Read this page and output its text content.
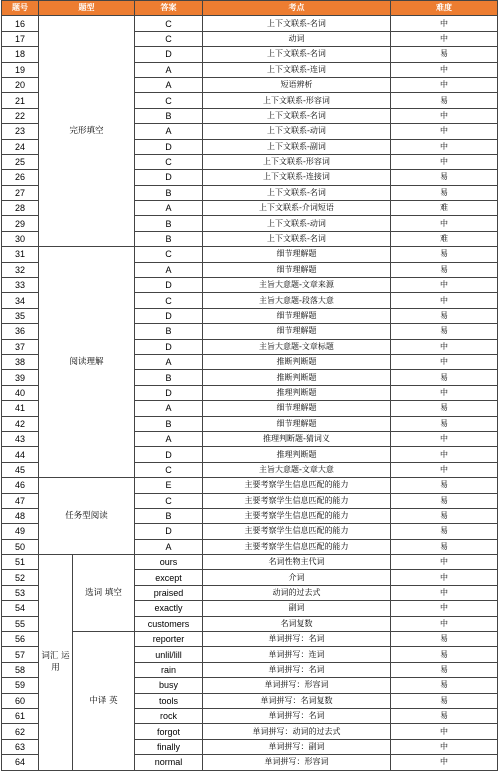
题号	题型		答案	考点	难度
16	完形填空		C	上下文联系-名词	中
17			C	动词	中
18			D	上下文联系-名词	易
19			A	上下文联系-连词	中
20			A	短语辨析	中
21			C	上下文联系-形容词	易
22			B	上下文联系-名词	中
23			A	上下文联系-动词	中
24			D	上下文联系-副词	中
25			C	上下文联系-形容词	中
26			D	上下文联系-连接词	易
27			B	上下文联系-名词	易
28			A	上下文联系-介词短语	难
29			B	上下文联系-动词	中
30			B	上下文联系-名词	难
31	阅读理解		C	细节理解题	易
32			A	细节理解题	易
33			D	主旨大意题-文章来源	中
34			C	主旨大意题-段落大意	中
35			D	细节理解题	易
36			B	细节理解题	易
37			D	主旨大意题-文章标题	中
38			A	推断判断题	中
39			B	推断判断题	易
40			D	推理判断题	中
41			A	细节理解题	易
42			B	细节理解题	易
43			A	推理判断题-猜词义	中
44			D	推理判断题	中
45			C	主旨大意题-文章大意	中
46	任务型阅读		E	主要考察学生信息匹配的能力	易
47			C	主要考察学生信息匹配的能力	易
48			B	主要考察学生信息匹配的能力	易
49			D	主要考察学生信息匹配的能力	易
50			A	主要考察学生信息匹配的能力	易
51	词汇 运用	选词 填空	ours	名词性物主代词	中
52			except	介词	中
53			praised	动词的过去式	中
54			exactly	副词	中
55			customers	名词复数	中
56		中译 英	reporter	单词拼写：名词	易
57			unlil/lill	单词拼写：连词	易
58			rain	单词拼写：名词	易
59			busy	单词拼写：形容词	易
60			tools	单词拼写：名词复数	易
61			rock	单词拼写：名词	易
62			forgot	单词拼写：动词的过去式	中
63			finally	单词拼写：副词	中
64			normal	单词拼写：形容词	中
